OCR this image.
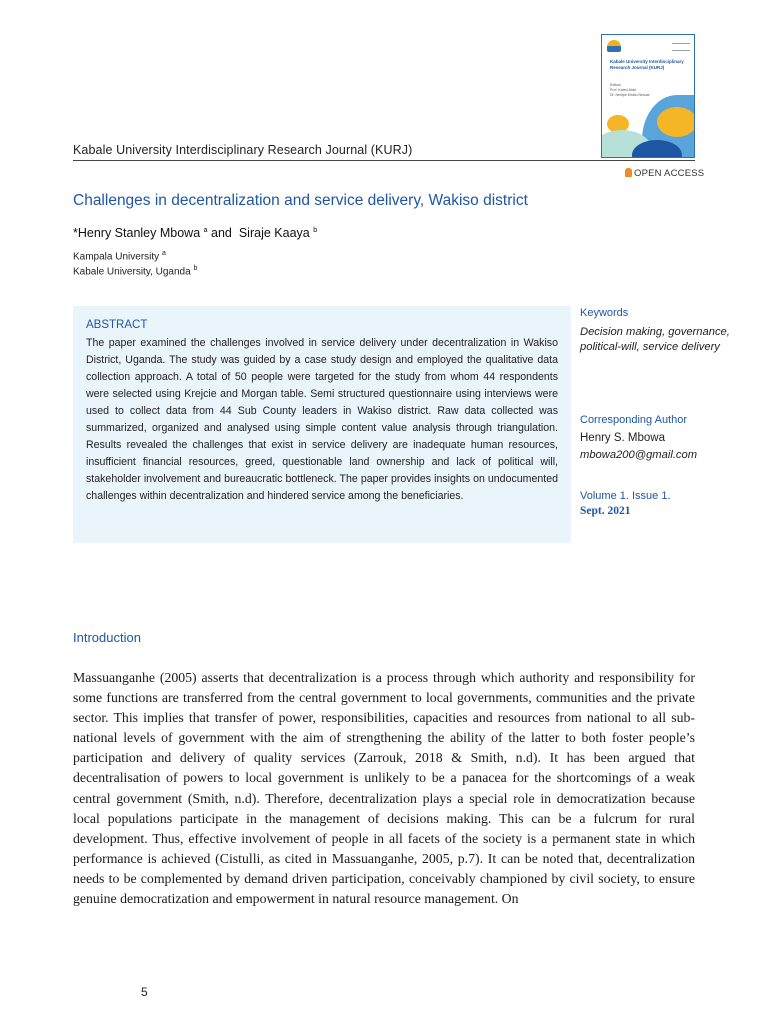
Kabale University Interdisciplinary Research Journal (KURJ)
Editors
Prof. Kwesi Mobi
Dr. Nempe Kinidu Nesula
Kabale University Interdisciplinary Research Journal (KURJ)
OPEN ACCESS
Challenges in decentralization and service delivery, Wakiso district
*Henry Stanley Mbowa $^a$ and Siraje Kaaya $^b$
Kampala University $^a$
Kabale University, Uganda $^b$
ABSTRACT
The paper examined the challenges involved in service delivery under decentralization in Wakiso District, Uganda. The study was guided by a case study design and employed the qualitative data collection approach. A total of 50 people were targeted for the study from whom 44 respondents were selected using Krejcie and Morgan table. Semi structured questionnaire using interviews were used to collect data from 44 Sub County leaders in Wakiso district. Raw data collected was summarized, organized and analysed using simple content value analysis through triangulation. Results revealed the challenges that exist in service delivery are inadequate human resources, insufficient financial resources, greed, questionable land ownership and lack of political will, stakeholder involvement and bureaucratic bottleneck. The paper provides insights on undocumented challenges within decentralization and hindered service among the beneficiaries.
Keywords
Decision making, governance, political-will, service delivery
Corresponding Author
Henry S. Mbowa
mbowa200@gmail.com
Volume 1. Issue 1.
Sept. 2021
Introduction
Massuanganhe (2005) asserts that decentralization is a process through which authority and responsibility for some functions are transferred from the central government to local governments, communities and the private sector. This implies that transfer of power, responsibilities, capacities and resources from national to all sub-national levels of government with the aim of strengthening the ability of the latter to both foster people’s participation and delivery of quality services (Zarrouk, 2018 & Smith, n.d). It has been argued that decentralisation of powers to local government is unlikely to be a panacea for the shortcomings of a weak central government (Smith, n.d). Therefore, decentralization plays a special role in democratization because local populations participate in the management of decisions making. This can be a fulcrum for rural development. Thus, effective involvement of people in all facets of the society is a permanent state in which performance is achieved (Cistulli, as cited in Massuanganhe, 2005, p.7). It can be noted that, decentralization needs to be complemented by demand driven participation, conceivably championed by civil society, to ensure genuine democratization and empowerment in natural resource management. On
5
